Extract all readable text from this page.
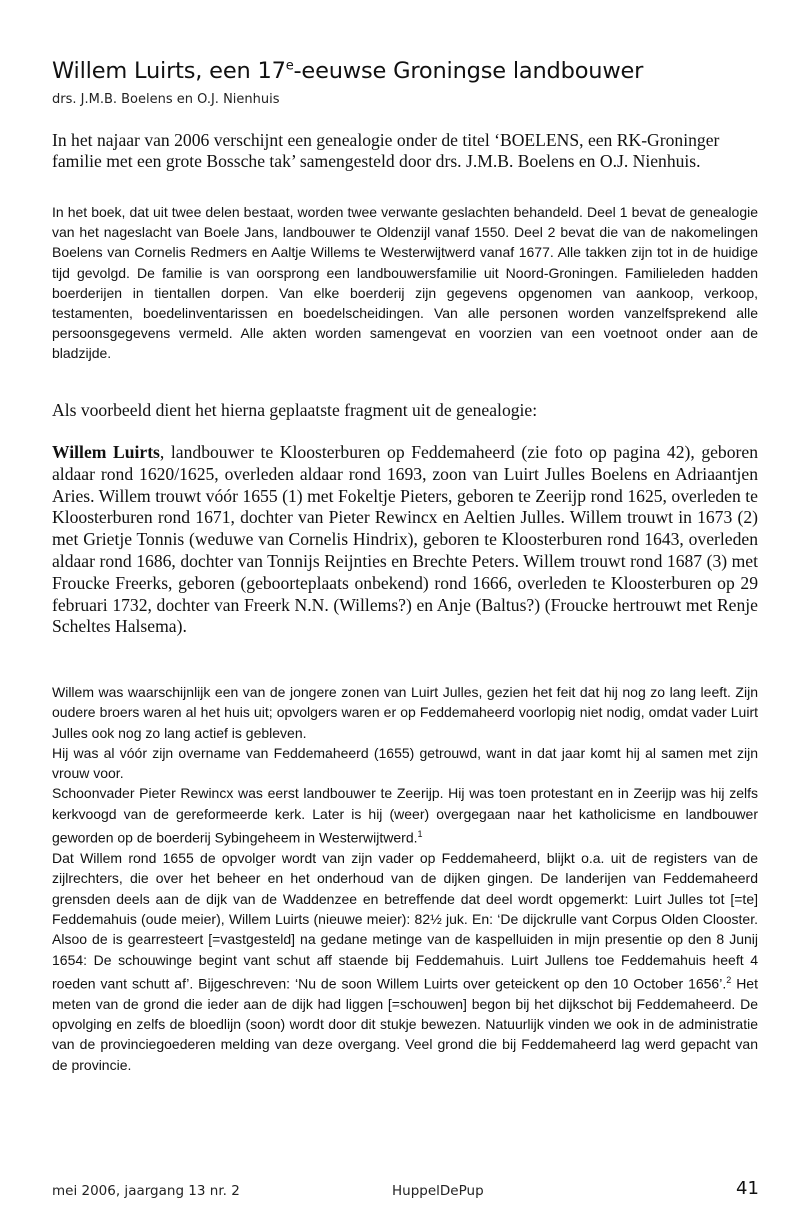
Willem Luirts, een 17e-eeuwse Groningse landbouwer
drs. J.M.B. Boelens en O.J. Nienhuis
In het najaar van 2006 verschijnt een genealogie onder de titel ‘BOELENS, een RK-Groninger familie met een grote Bossche tak’ samengesteld door drs. J.M.B. Boelens en O.J. Nienhuis.
In het boek, dat uit twee delen bestaat, worden twee verwante geslachten behandeld. Deel 1 bevat de genealogie van het nageslacht van Boele Jans, landbouwer te Oldenzijl vanaf 1550. Deel 2 bevat die van de nakomelingen Boelens van Cornelis Redmers en Aaltje Willems te Westerwijtwerd vanaf 1677. Alle takken zijn tot in de huidige tijd gevolgd. De familie is van oorsprong een landbouwersfamilie uit Noord-Groningen. Familieleden hadden boerderijen in tientallen dorpen. Van elke boerderij zijn gegevens opgenomen van aankoop, verkoop, testamenten, boedelinventarissen en boedelscheidingen. Van alle personen worden vanzelfsprekend alle persoonsgegevens vermeld. Alle akten worden samengevat en voorzien van een voetnoot onder aan de bladzijde.
Als voorbeeld dient het hierna geplaatste fragment uit de genealogie:
Willem Luirts, landbouwer te Kloosterburen op Feddemaheerd (zie foto op pagina 42), geboren aldaar rond 1620/1625, overleden aldaar rond 1693, zoon van Luirt Julles Boelens en Adriaantjen Aries. Willem trouwt vóór 1655 (1) met Fokeltje Pieters, geboren te Zeerijp rond 1625, overleden te Kloosterburen rond 1671, dochter van Pieter Rewincx en Aeltien Julles. Willem trouwt in 1673 (2) met Grietje Tonnis (weduwe van Cornelis Hindrix), geboren te Kloosterburen rond 1643, overleden aldaar rond 1686, dochter van Tonnijs Reijnties en Brechte Peters. Willem trouwt rond 1687 (3) met Froucke Freerks, geboren (geboorteplaats onbekend) rond 1666, overleden te Kloosterburen op 29 februari 1732, dochter van Freerk N.N. (Willems?) en Anje (Baltus?) (Froucke hertrouwt met Renje Scheltes Halsema).

Willem was waarschijnlijk een van de jongere zonen van Luirt Julles, gezien het feit dat hij nog zo lang leeft. Zijn oudere broers waren al het huis uit; opvolgers waren er op Feddemaheerd voorlopig niet nodig, omdat vader Luirt Julles ook nog zo lang actief is gebleven.

Hij was al vóór zijn overname van Feddemaheerd (1655) getrouwd, want in dat jaar komt hij al samen met zijn vrouw voor.

Schoonvader Pieter Rewincx was eerst landbouwer te Zeerijp. Hij was toen protestant en in Zeerijp was hij zelfs kerkvoogd van de gereformeerde kerk. Later is hij (weer) overgegaan naar het katholicisme en landbouwer geworden op de boerderij Sybingeheem in Westerwijtwerd.$^1$

Dat Willem rond 1655 de opvolger wordt van zijn vader op Feddemaheerd, blijkt o.a. uit de registers van de zijlrechters, die over het beheer en het onderhoud van de dijken gingen. De landerijen van Feddemaheerd grensden deels aan de dijk van de Waddenzee en betreffende dat deel wordt opgemerkt: Luirt Julles tot [=te] Feddemahuis (oude meier), Willem Luirts (nieuwe meier): 82½ juk. En: ‘De dijckrulle vant Corpus Olden Clooster. Alsoo de is gearresteert [=vastgesteld] na gedane metinge van de kaspelluiden in mijn presentie op den 8 Junij 1654: De schouwinge begint vant schut aff staende bij Feddemahuis. Luirt Jullens toe Feddemahuis heeft 4 roeden vant schutt af’. Bijgeschreven: ‘Nu de soon Willem Luirts over geteickent op den 10 October 1656’.$^2$ Het meten van de grond die ieder aan de dijk had liggen [=schouwen] begon bij het dijkschot bij Feddemaheerd. De opvolging en zelfs de bloedlijn (soon) wordt door dit stukje bewezen. Natuurlijk vinden we ook in de administratie van de provinciegoederen melding van deze overgang. Veel grond die bij Feddemaheerd lag werd gepacht van de provincie.

mei 2006, jaargang 13 nr. 2	HuppelDePup	41
